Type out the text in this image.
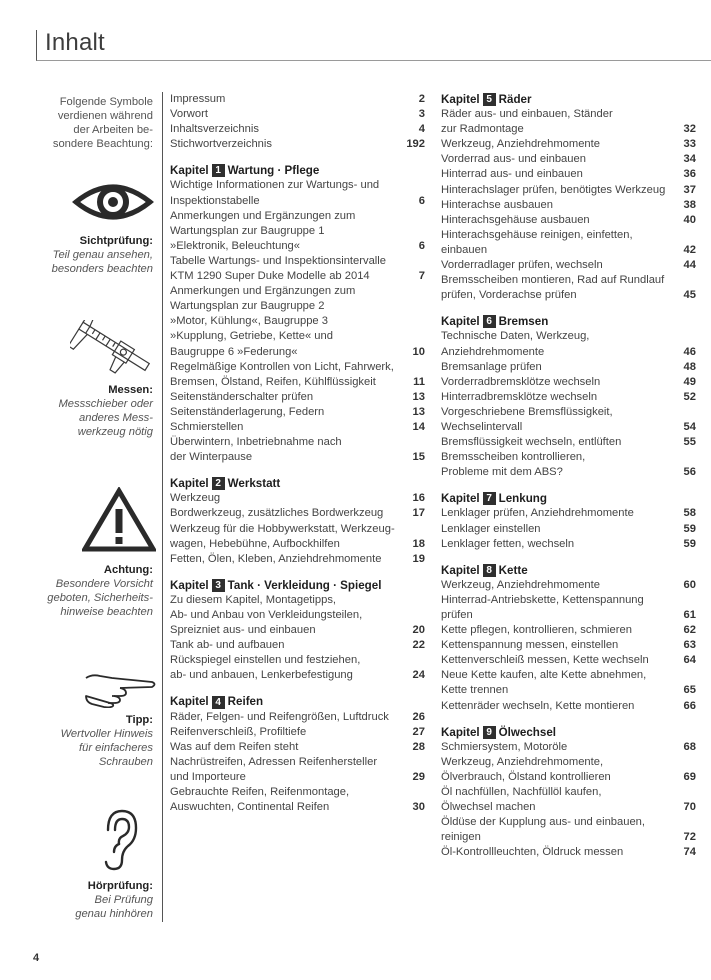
Inhalt
Folgende Symbole
verdienen während
der Arbeiten be-
sondere Beachtung:
Sichtprüfung:
Teil genau ansehen,
besonders beachten
Messen:
Messschieber oder
anderes Mess-
werkzeug nötig
Achtung:
Besondere Vorsicht
geboten, Sicherheits-
hinweise beachten
Tipp:
Wertvoller Hinweis
für einfacheres
Schrauben
Hörprüfung:
Bei Prüfung
genau hinhören
Impressum	2
Vorwort	3
Inhaltsverzeichnis	4
Stichwortverzeichnis	192
Kapitel 1 Wartung · Pflege
Wichtige Informationen zur Wartungs- und
Inspektionstabelle	6
Anmerkungen und Ergänzungen zum
Wartungsplan zur Baugruppe 1
»Elektronik, Beleuchtung«	6
Tabelle Wartungs- und Inspektionsintervalle
KTM 1290 Super Duke Modelle ab 2014	7
Anmerkungen und Ergänzungen zum
Wartungsplan zur Baugruppe 2
»Motor, Kühlung«, Baugruppe 3
»Kupplung, Getriebe, Kette« und
Baugruppe 6 »Federung«	10
Regelmäßige Kontrollen von Licht, Fahrwerk,
Bremsen, Ölstand, Reifen, Kühlflüssigkeit	11
Seitenständerschalter prüfen	13
Seitenständerlagerung, Federn	13
Schmierstellen	14
Überwintern, Inbetriebnahme nach
der Winterpause	15
Kapitel 2 Werkstatt
Werkzeug	16
Bordwerkzeug, zusätzliches Bordwerkzeug	17
Werkzeug für die Hobbywerkstatt, Werkzeug-
wagen, Hebebühne, Aufbockhilfen	18
Fetten, Ölen, Kleben, Anziehdrehmomente	19
Kapitel 3 Tank · Verkleidung · Spiegel
Zu diesem Kapitel, Montagetipps,
Ab- und Anbau von Verkleidungsteilen,
Spreizniet aus- und einbauen	20
Tank ab- und aufbauen	22
Rückspiegel einstellen und festziehen,
ab- und anbauen, Lenkerbefestigung	24
Kapitel 4 Reifen
Räder, Felgen- und Reifengrößen, Luftdruck	26
Reifenverschleiß, Profiltiefe	27
Was auf dem Reifen steht	28
Nachrüstreifen, Adressen Reifenhersteller
und Importeure	29
Gebrauchte Reifen, Reifenmontage,
Auswuchten, Continental Reifen	30
Kapitel 5 Räder
Räder aus- und einbauen, Ständer
zur Radmontage	32
Werkzeug, Anziehdrehmomente	33
Vorderrad aus- und einbauen	34
Hinterrad aus- und einbauen	36
Hinterachslager prüfen, benötigtes Werkzeug 37
Hinterachse ausbauen	38
Hinterachsgehäuse ausbauen	40
Hinterachsgehäuse reinigen, einfetten,
einbauen	42
Vorderradlager prüfen, wechseln	44
Bremsscheiben montieren, Rad auf Rundlauf
prüfen, Vorderachse prüfen	45
Kapitel 6 Bremsen
Technische Daten, Werkzeug,
Anziehdrehmomente	46
Bremsanlage prüfen	48
Vorderradbremsklötze wechseln	49
Hinterradbremsklötze wechseln	52
Vorgeschriebene Bremsflüssigkeit,
Wechselintervall	54
Bremsflüssigkeit wechseln, entlüften	55
Bremsscheiben kontrollieren,
Probleme mit dem ABS?	56
Kapitel 7 Lenkung
Lenklager prüfen, Anziehdrehmomente	58
Lenklager einstellen	59
Lenklager fetten, wechseln	59
Kapitel 8 Kette
Werkzeug, Anziehdrehmomente	60
Hinterrad-Antriebskette, Kettenspannung
prüfen	61
Kette pflegen, kontrollieren, schmieren	62
Kettenspannung messen, einstellen	63
Kettenverschleiß messen, Kette wechseln	64
Neue Kette kaufen, alte Kette abnehmen,
Kette trennen	65
Kettenräder wechseln, Kette montieren	66
Kapitel 9 Ölwechsel
Schmiersystem, Motoröle	68
Werkzeug, Anziehdrehmomente,
Ölverbrauch, Ölstand kontrollieren	69
Öl nachfüllen, Nachfüllöl kaufen,
Ölwechsel machen	70
Öldüse der Kupplung aus- und einbauen,
reinigen	72
Öl-Kontrollleuchten, Öldruck messen	74
4
